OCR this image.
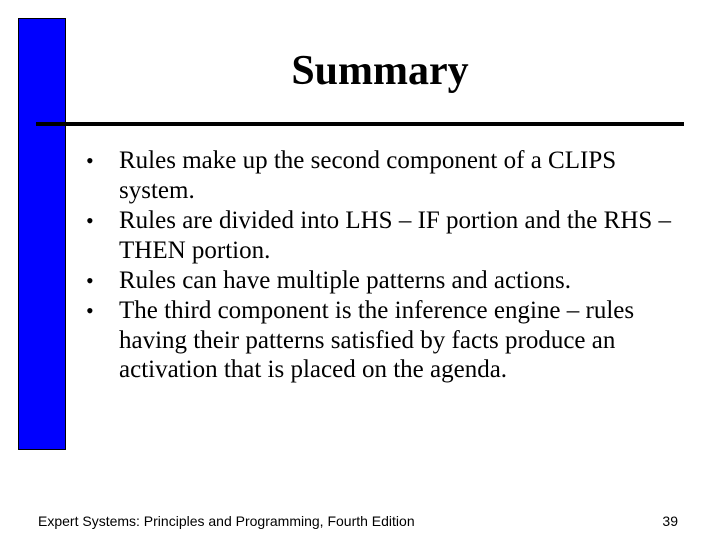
Summary
•	Rules make up the second component of a CLIPS system.
•	Rules are divided into LHS – IF portion and the RHS – THEN portion.
•	Rules can have multiple patterns and actions.
•	The third component is the inference engine – rules having their patterns satisfied by facts produce an activation that is placed on the agenda.
Expert Systems: Principles and Programming, Fourth Edition	39
